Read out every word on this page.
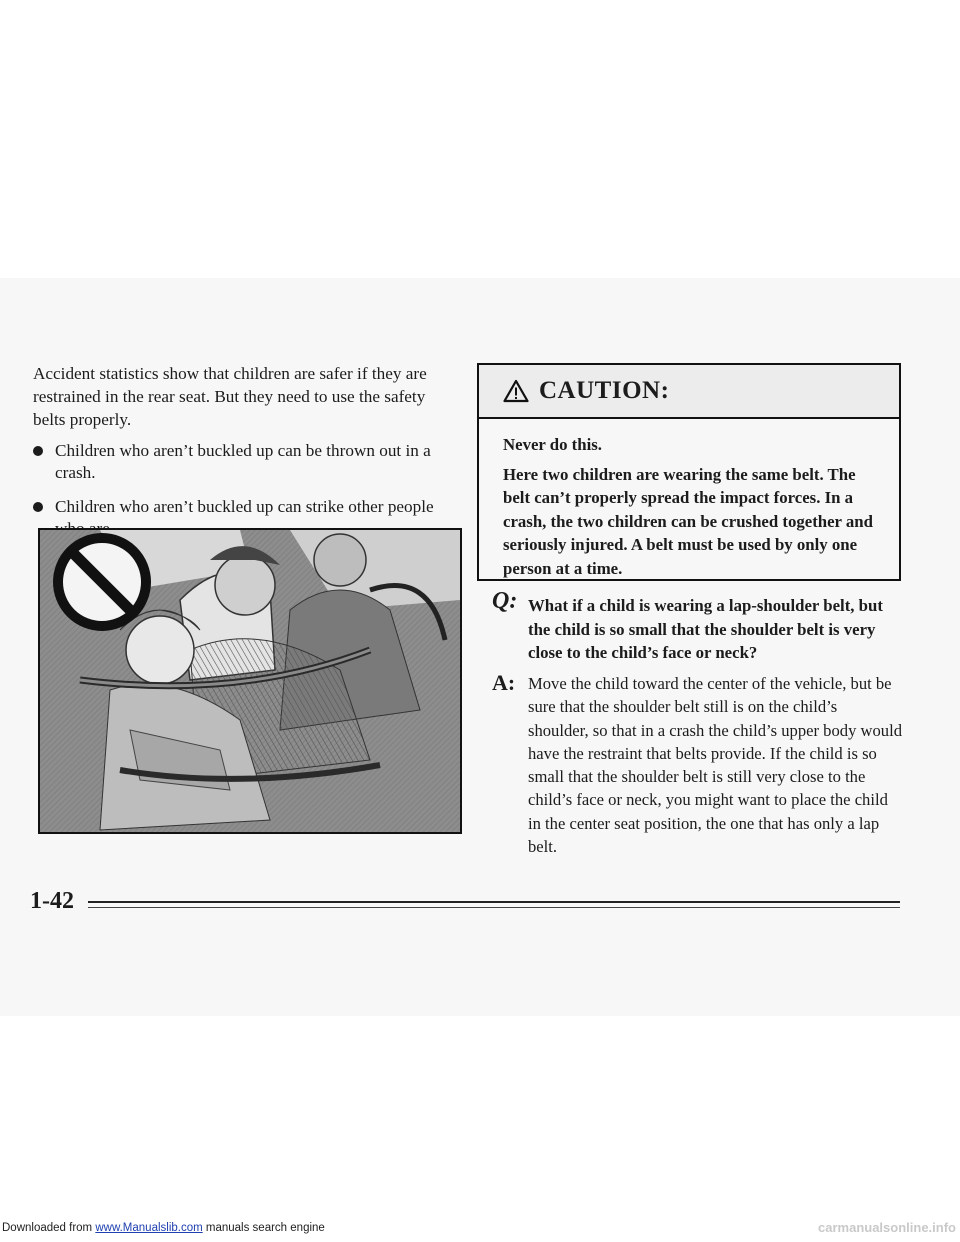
Accident statistics show that children are safer if they are restrained in the rear seat. But they need to use the safety belts properly.

Children who aren’t buckled up can be thrown out in a crash.
Children who aren’t buckled up can strike other people
CAUTION:

Never do this.

Here two children are wearing the same belt. The belt can’t properly spread the impact forces. In a crash, the two children can be crushed together and seriously injured. A belt must be used by only one person at a time.

Q: What if a child is wearing a lap-shoulder belt, but the child is so small that the shoulder belt is very close to the child’s face or neck?
A: Move the child toward the center of the vehicle, but be sure that the shoulder belt still is on the child’s shoulder, so that in a crash the child’s upper body would have the restraint that belts provide. If the child is so small that the shoulder belt is still very close to the child’s face or neck, you might want to place the child in the center seat position, the one that has only a lap belt.
1-42
Downloaded from www.Manualslib.com manuals search engine	carmanualsonline.info
